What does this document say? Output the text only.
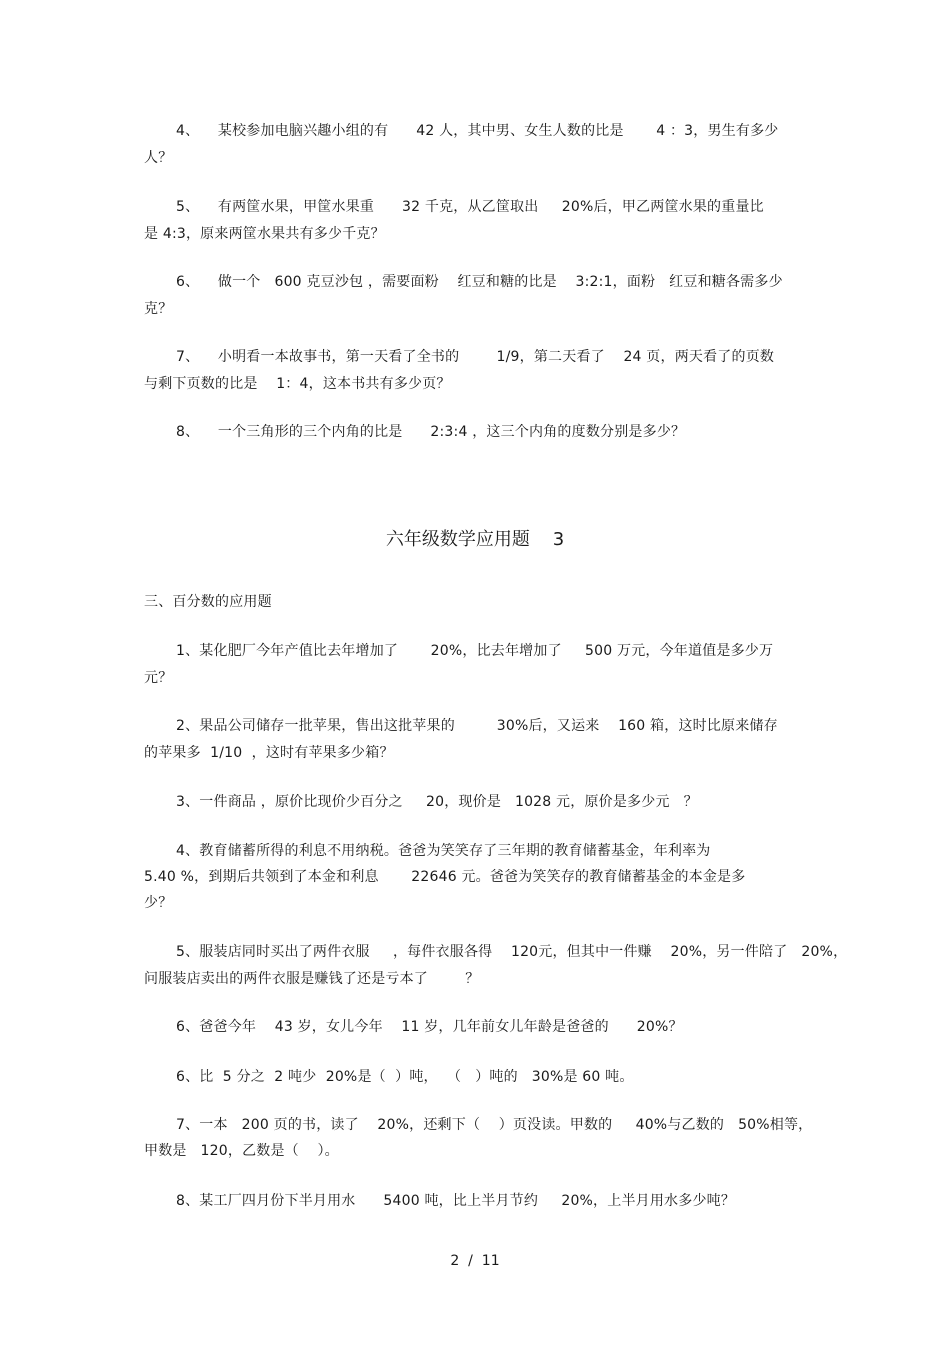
4、    某校参加电脑兴趣小组的有      42 人，其中男、女生人数的比是       4 ：3，男生有多少
人？
5、    有两筐水果，甲筐水果重      32 千克，从乙筐取出     20%后，甲乙两筐水果的重量比
是 4:3，原来两筐水果共有多少千克？
6、    做一个   600 克豆沙包 ，需要面粉    红豆和糖的比是    3:2:1，面粉   红豆和糖各需多少
克？
7、    小明看一本故事书，第一天看了全书的        1/9，第二天看了    24 页，两天看了的页数
与剩下页数的比是    1：4，这本书共有多少页？
8、    一个三角形的三个内角的比是      2:3:4 ，这三个内角的度数分别是多少？
六年级数学应用题    3
三、百分数的应用题
1、某化肥厂今年产值比去年增加了       20%，比去年增加了     500 万元，今年道值是多少万
元？
2、果品公司储存一批苹果，售出这批苹果的         30%后，又运来    160 箱，这时比原来储存
的苹果多  1/10  ，这时有苹果多少箱？
3、一件商品 ，原价比现价少百分之     20，现价是   1028 元，原价是多少元   ？
4、教育储蓄所得的利息不用纳税。爸爸为笑笑存了三年期的教育储蓄基金，年利率为
5.40 %，到期后共领到了本金和利息       22646 元。爸爸为笑笑存的教育储蓄基金的本金是多
少？
5、服装店同时买出了两件衣服     ，每件衣服各得    120元，但其中一件赚    20%，另一件陪了   20%，
问服装店卖出的两件衣服是赚钱了还是亏本了        ？
6、爸爸今年    43 岁，女儿今年    11 岁，几年前女儿年龄是爸爸的      20%？
6、比  5 分之  2 吨少  20%是（  ）吨，  （   ）吨的   30%是 60 吨。
7、一本   200 页的书，读了    20%，还剩下（    ）页没读。甲数的     40%与乙数的   50%相等，
甲数是   120，乙数是（    ）。
8、某工厂四月份下半月用水      5400 吨，比上半月节约     20%，上半月用水多少吨？
2  /  11
